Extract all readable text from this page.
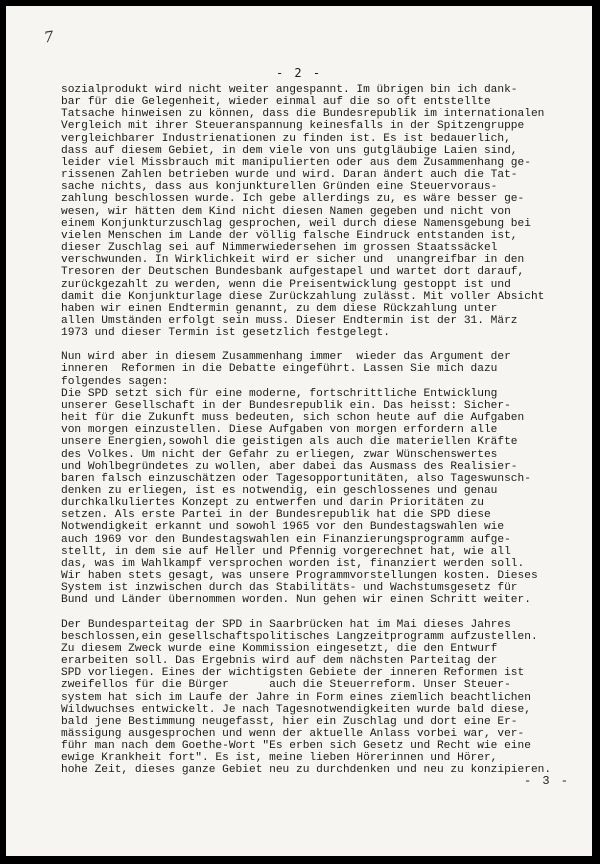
7
- 2 -
sozialprodukt wird nicht weiter angespannt. Im übrigen bin ich dank-
bar für die Gelegenheit, wieder einmal auf die so oft entstellte
Tatsache hinweisen zu können, dass die Bundesrepublik im internationalen
Vergleich mit ihrer Steueranspannung keinesfalls in der Spitzengruppe
vergleichbarer Industrienationen zu finden ist. Es ist bedauerlich,
dass auf diesem Gebiet, in dem viele von uns gutgläubige Laien sind,
leider viel Missbrauch mit manipulierten oder aus dem Zusammenhang ge-
rissenen Zahlen betrieben wurde und wird. Daran ändert auch die Tat-
sache nichts, dass aus konjunkturellen Gründen eine Steuervoraus-
zahlung beschlossen wurde. Ich gebe allerdings zu, es wäre besser ge-
wesen, wir hätten dem Kind nicht diesen Namen gegeben und nicht von
einem Konjunkturzuschlag gesprochen, weil durch diese Namensgebung bei
vielen Menschen im Lande der völlig falsche Eindruck entstanden ist,
dieser Zuschlag sei auf Nimmerwiedersehen im grossen Staatssäckel
verschwunden. In Wirklichkeit wird er sicher und  unangreifbar in den
Tresoren der Deutschen Bundesbank aufgestapel und wartet dort darauf,
zurückgezahlt zu werden, wenn die Preisentwicklung gestoppt ist und
damit die Konjunkturlage diese Zurückzahlung zulässt. Mit voller Absicht
haben wir einen Endtermin genannt, zu dem diese Rückzahlung unter
allen Umständen erfolgt sein muss. Dieser Endtermin ist der 31. März
1973 und dieser Termin ist gesetzlich festgelegt.
Nun wird aber in diesem Zusammenhang immer  wieder das Argument der
inneren  Reformen in die Debatte eingeführt. Lassen Sie mich dazu
folgendes sagen:
Die SPD setzt sich für eine moderne, fortschrittliche Entwicklung
unserer Gesellschaft in der Bundesrepublik ein. Das heisst: Sicher-
heit für die Zukunft muss bedeuten, sich schon heute auf die Aufgaben
von morgen einzustellen. Diese Aufgaben von morgen erfordern alle
unsere Energien,sowohl die geistigen als auch die materiellen Kräfte
des Volkes. Um nicht der Gefahr zu erliegen, zwar Wünschenswertes
und Wohlbegründetes zu wollen, aber dabei das Ausmass des Realisier-
baren falsch einzuschätzen oder Tagesopportunitäten, also Tageswunsch-
denken zu erliegen, ist es notwendig, ein geschlossenes und genau
durchkalkuliertes Konzept zu entwerfen und darin Prioritäten zu
setzen. Als erste Partei in der Bundesrepublik hat die SPD diese
Notwendigkeit erkannt und sowohl 1965 vor den Bundestagswahlen wie
auch 1969 vor den Bundestagswahlen ein Finanzierungsprogramm aufge-
stellt, in dem sie auf Heller und Pfennig vorgerechnet hat, wie all
das, was im Wahlkampf versprochen worden ist, finanziert werden soll.
Wir haben stets gesagt, was unsere Programmvorstellungen kosten. Dieses
System ist inzwischen durch das Stabilitäts- und Wachstumsgesetz für
Bund und Länder übernommen worden. Nun gehen wir einen Schritt weiter.
Der Bundesparteitag der SPD in Saarbrücken hat im Mai dieses Jahres
beschlossen,ein gesellschaftspolitisches Langzeitprogramm aufzustellen.
Zu diesem Zweck wurde eine Kommission eingesetzt, die den Entwurf
erarbeiten soll. Das Ergebnis wird auf dem nächsten Parteitag der
SPD vorliegen. Eines der wichtigsten Gebiete der inneren Reformen ist
zweifellos für die Bürger      auch die Steuerreform. Unser Steuer-
system hat sich im Laufe der Jahre in Form eines ziemlich beachtlichen
Wildwuchses entwickelt. Je nach Tagesnotwendigkeiten wurde bald diese,
bald jene Bestimmung neugefasst, hier ein Zuschlag und dort eine Er-
mässigung ausgesprochen und wenn der aktuelle Anlass vorbei war, ver-
führ man nach dem Goethe-Wort "Es erben sich Gesetz und Recht wie eine
ewige Krankheit fort". Es ist, meine lieben Hörerinnen und Hörer,
hohe Zeit, dieses ganze Gebiet neu zu durchdenken und neu zu konzipieren.
- 3 -
